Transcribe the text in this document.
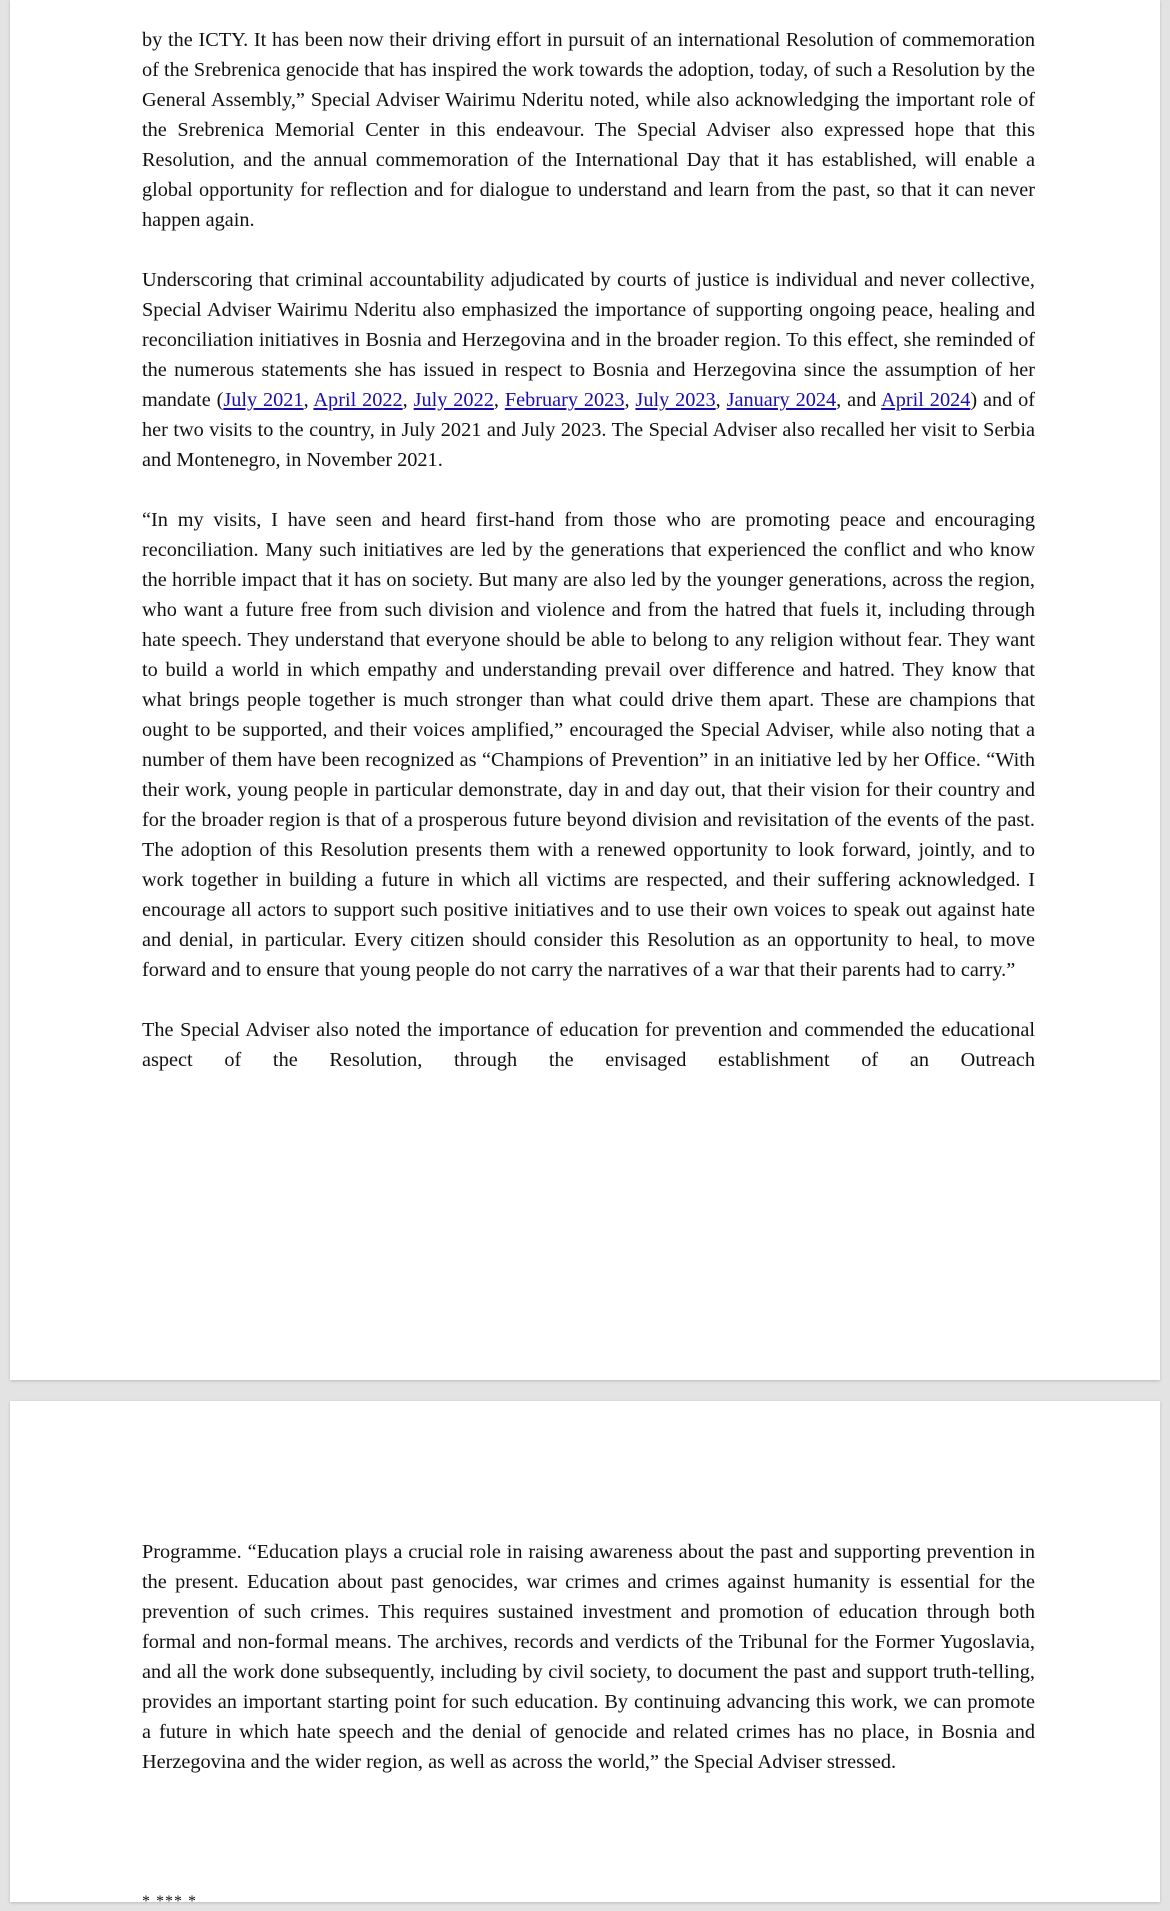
by the ICTY. It has been now their driving effort in pursuit of an international Resolution of commemoration of the Srebrenica genocide that has inspired the work towards the adoption, today, of such a Resolution by the General Assembly,” Special Adviser Wairimu Nderitu noted, while also acknowledging the important role of the Srebrenica Memorial Center in this endeavour. The Special Adviser also expressed hope that this Resolution, and the annual commemoration of the International Day that it has established, will enable a global opportunity for reflection and for dialogue to understand and learn from the past, so that it can never happen again.

Underscoring that criminal accountability adjudicated by courts of justice is individual and never collective, Special Adviser Wairimu Nderitu also emphasized the importance of supporting ongoing peace, healing and reconciliation initiatives in Bosnia and Herzegovina and in the broader region. To this effect, she reminded of the numerous statements she has issued in respect to Bosnia and Herzegovina since the assumption of her mandate (July 2021, April 2022, July 2022, February 2023, July 2023, January 2024, and April 2024) and of her two visits to the country, in July 2021 and July 2023. The Special Adviser also recalled her visit to Serbia and Montenegro, in November 2021.

“In my visits, I have seen and heard first-hand from those who are promoting peace and encouraging reconciliation. Many such initiatives are led by the generations that experienced the conflict and who know the horrible impact that it has on society. But many are also led by the younger generations, across the region, who want a future free from such division and violence and from the hatred that fuels it, including through hate speech. They understand that everyone should be able to belong to any religion without fear. They want to build a world in which empathy and understanding prevail over difference and hatred. They know that what brings people together is much stronger than what could drive them apart. These are champions that ought to be supported, and their voices amplified,” encouraged the Special Adviser, while also noting that a number of them have been recognized as “Champions of Prevention” in an initiative led by her Office. “With their work, young people in particular demonstrate, day in and day out, that their vision for their country and for the broader region is that of a prosperous future beyond division and revisitation of the events of the past. The adoption of this Resolution presents them with a renewed opportunity to look forward, jointly, and to work together in building a future in which all victims are respected, and their suffering acknowledged. I encourage all actors to support such positive initiatives and to use their own voices to speak out against hate and denial, in particular. Every citizen should consider this Resolution as an opportunity to heal, to move forward and to ensure that young people do not carry the narratives of a war that their parents had to carry.”

The Special Adviser also noted the importance of education for prevention and commended the educational aspect of the Resolution, through the envisaged establishment of an Outreach

Programme. “Education plays a crucial role in raising awareness about the past and supporting prevention in the present. Education about past genocides, war crimes and crimes against humanity is essential for the prevention of such crimes. This requires sustained investment and promotion of education through both formal and non-formal means. The archives, records and verdicts of the Tribunal for the Former Yugoslavia, and all the work done subsequently, including by civil society, to document the past and support truth-telling, provides an important starting point for such education. By continuing advancing this work, we can promote a future in which hate speech and the denial of genocide and related crimes has no place, in Bosnia and Herzegovina and the wider region, as well as across the world,” the Special Adviser stressed.

* *** *
